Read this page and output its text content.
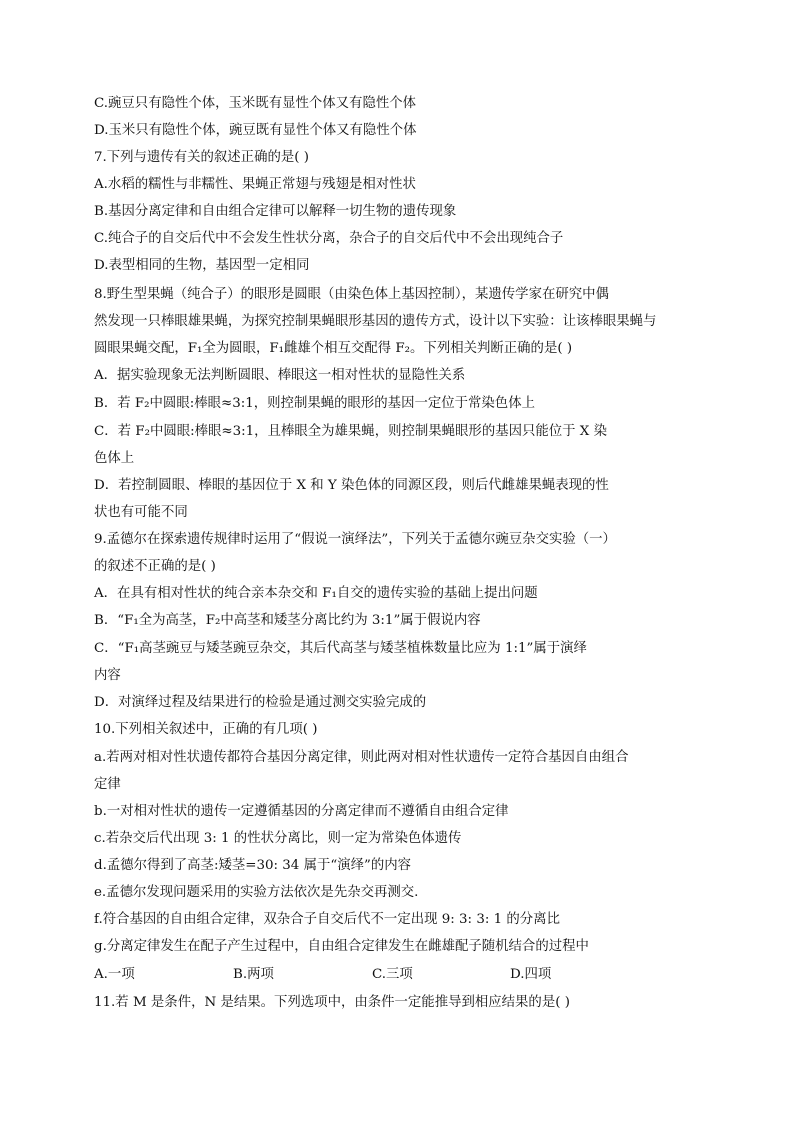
C.豌豆只有隐性个体，玉米既有显性个体又有隐性个体
D.玉米只有隐性个体，豌豆既有显性个体又有隐性个体
7.下列与遗传有关的叙述正确的是( )
A.水稻的糯性与非糯性、果蝇正常翅与残翅是相对性状
B.基因分离定律和自由组合定律可以解释一切生物的遗传现象
C.纯合子的自交后代中不会发生性状分离，杂合子的自交后代中不会出现纯合子
D.表型相同的生物，基因型一定相同
8.野生型果蝇（纯合子）的眼形是圆眼（由染色体上基因控制），某遗传学家在研究中偶
然发现一只棒眼雄果蝇，为探究控制果蝇眼形基因的遗传方式，设计以下实验：让该棒眼果蝇与
圆眼果蝇交配，F₁全为圆眼，F₁雌雄个相互交配得 F₂。下列相关判断正确的是( )
A．据实验现象无法判断圆眼、棒眼这一相对性状的显隐性关系
B．若 F₂中圆眼:棒眼≈3:1，则控制果蝇的眼形的基因一定位于常染色体上
C．若 F₂中圆眼:棒眼≈3:1，且棒眼全为雄果蝇，则控制果蝇眼形的基因只能位于 X 染
色体上
D．若控制圆眼、棒眼的基因位于 X 和 Y 染色体的同源区段，则后代雌雄果蝇表现的性
状也有可能不同
9.孟德尔在探索遗传规律时运用了“假说一演绎法”，下列关于孟德尔豌豆杂交实验（一）
的叙述不正确的是( )
A．在具有相对性状的纯合亲本杂交和 F₁自交的遗传实验的基础上提出问题
B．“F₁全为高茎，F₂中高茎和矮茎分离比约为 3:1”属于假说内容
C．“F₁高茎豌豆与矮茎豌豆杂交，其后代高茎与矮茎植株数量比应为 1:1”属于演绎
内容
D．对演绎过程及结果进行的检验是通过测交实验完成的
10.下列相关叙述中，正确的有几项( )
a.若两对相对性状遗传都符合基因分离定律，则此两对相对性状遗传一定符合基因自由组合
定律
b.一对相对性状的遗传一定遵循基因的分离定律而不遵循自由组合定律
c.若杂交后代出现 3: 1 的性状分离比，则一定为常染色体遗传
d.孟德尔得到了高茎:矮茎=30: 34 属于“演绎”的内容
e.孟德尔发现问题采用的实验方法依次是先杂交再测交.
f.符合基因的自由组合定律，双杂合子自交后代不一定出现 9: 3: 3: 1 的分离比
g.分离定律发生在配子产生过程中，自由组合定律发生在雌雄配子随机结合的过程中
A.一项	B.两项	C.三项	D.四项
11.若 M 是条件，N 是结果。下列选项中，由条件一定能推导到相应结果的是( )
